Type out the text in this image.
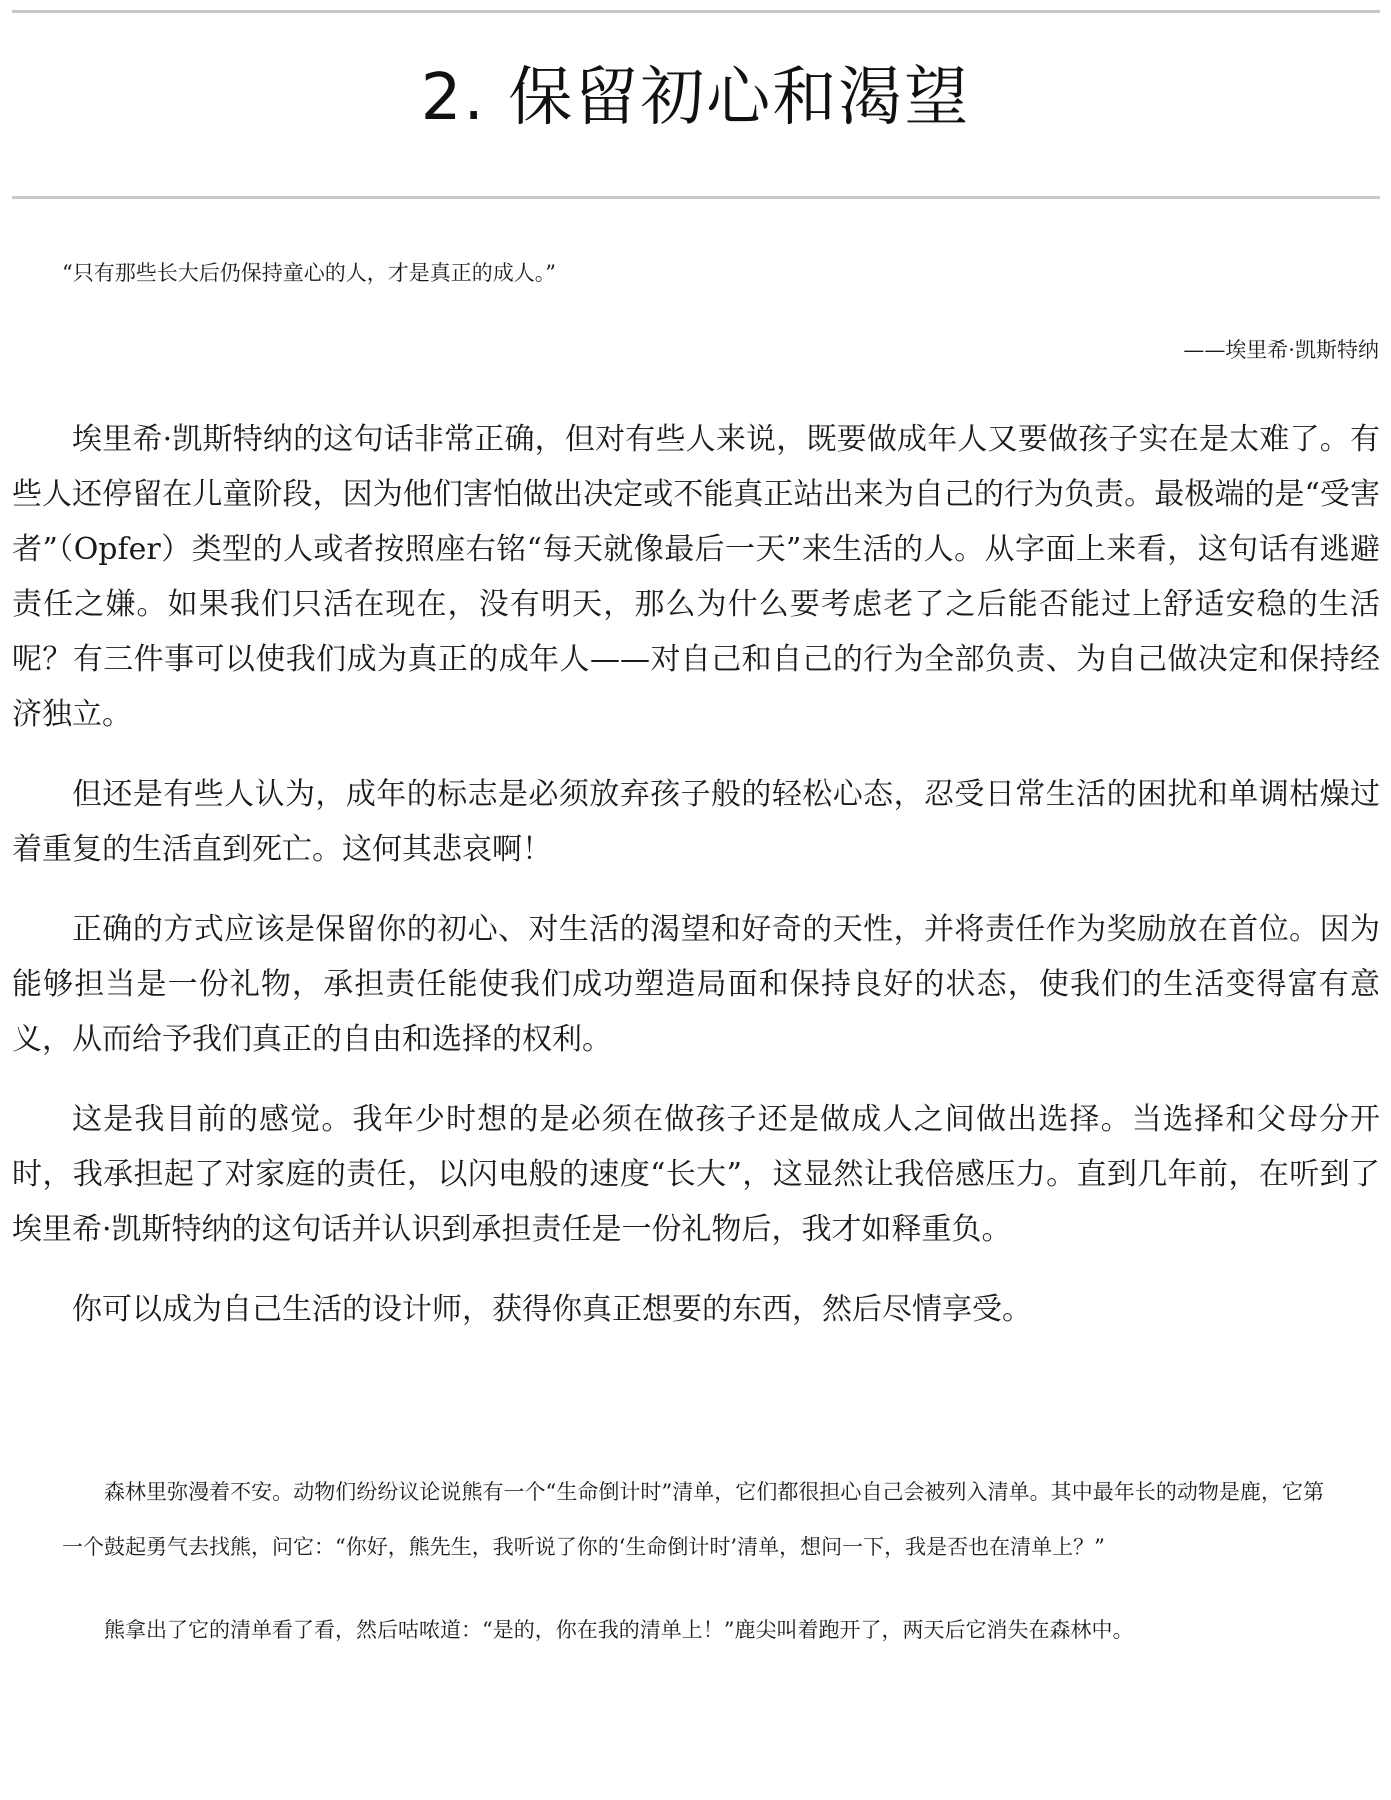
2. 保留初心和渴望

“只有那些长大后仍保持童心的人，才是真正的成人。”

——埃里希·凯斯特纳

埃里希·凯斯特纳的这句话非常正确，但对有些人来说，既要做成年人又要做孩子实在是太难了。有些人还停留在儿童阶段，因为他们害怕做出决定或不能真正站出来为自己的行为负责。最极端的是“受害者”（Opfer）类型的人或者按照座右铭“每天就像最后一天”来生活的人。从字面上来看，这句话有逃避责任之嫌。如果我们只活在现在，没有明天，那么为什么要考虑老了之后能否能过上舒适安稳的生活呢？有三件事可以使我们成为真正的成年人——对自己和自己的行为全部负责、为自己做决定和保持经济独立。

但还是有些人认为，成年的标志是必须放弃孩子般的轻松心态，忍受日常生活的困扰和单调枯燥过着重复的生活直到死亡。这何其悲哀啊！

正确的方式应该是保留你的初心、对生活的渴望和好奇的天性，并将责任作为奖励放在首位。因为能够担当是一份礼物，承担责任能使我们成功塑造局面和保持良好的状态，使我们的生活变得富有意义，从而给予我们真正的自由和选择的权利。

这是我目前的感觉。我年少时想的是必须在做孩子还是做成人之间做出选择。当选择和父母分开时，我承担起了对家庭的责任，以闪电般的速度“长大”，这显然让我倍感压力。直到几年前，在听到了埃里希·凯斯特纳的这句话并认识到承担责任是一份礼物后，我才如释重负。

你可以成为自己生活的设计师，获得你真正想要的东西，然后尽情享受。

森林里弥漫着不安。动物们纷纷议论说熊有一个“生命倒计时”清单，它们都很担心自己会被列入清单。其中最年长的动物是鹿，它第一个鼓起勇气去找熊，问它：“你好，熊先生，我听说了你的‘生命倒计时’清单，想问一下，我是否也在清单上？”

熊拿出了它的清单看了看，然后咕哝道：“是的，你在我的清单上！”鹿尖叫着跑开了，两天后它消失在森林中。
